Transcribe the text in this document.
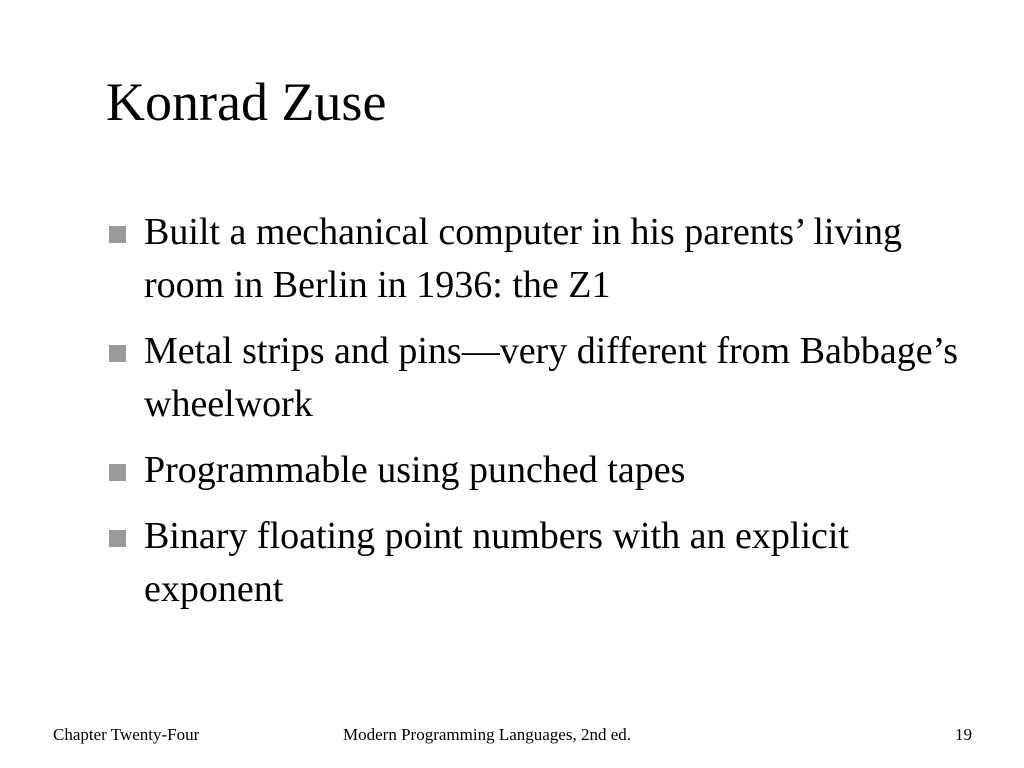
Konrad Zuse
Built a mechanical computer in his parents’ living room in Berlin in 1936: the Z1
Metal strips and pins—very different from Babbage’s wheelwork
Programmable using punched tapes
Binary floating point numbers with an explicit exponent
Chapter Twenty-Four	Modern Programming Languages, 2nd ed.	19
